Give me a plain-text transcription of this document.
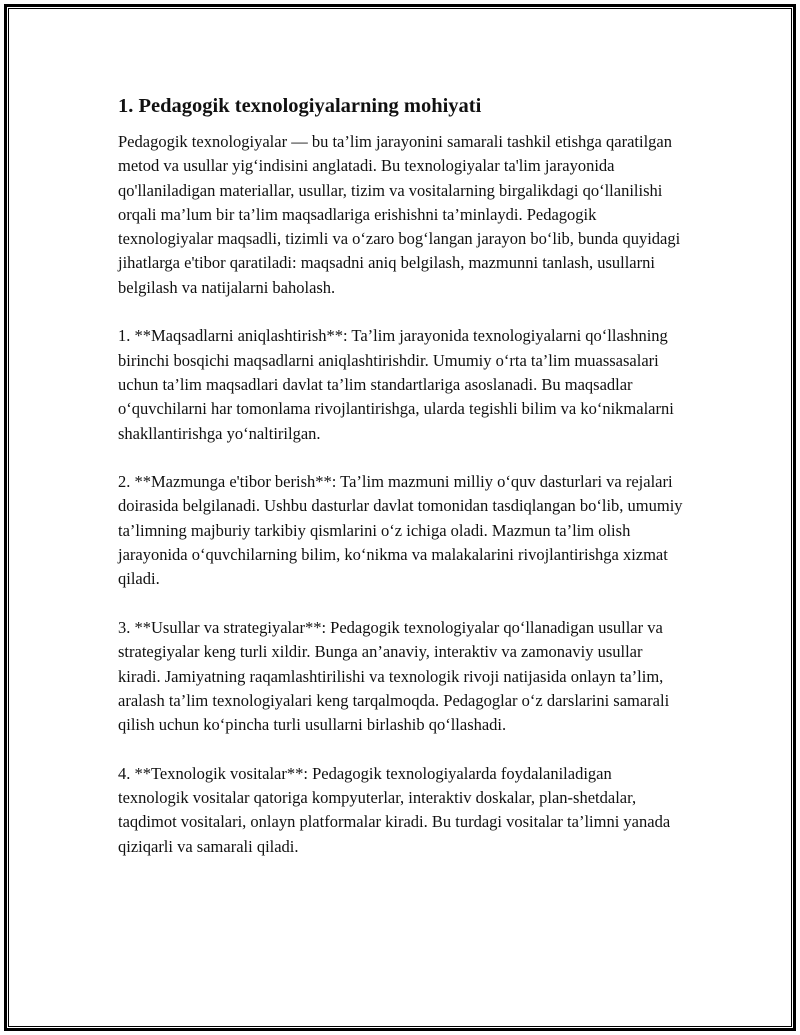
1. Pedagogik texnologiyalarning mohiyati

Pedagogik texnologiyalar — bu ta’lim jarayonini samarali tashkil etishga qaratilgan metod va usullar yig‘indisini anglatadi. Bu texnologiyalar ta'lim jarayonida qo'llaniladigan materiallar, usullar, tizim va vositalarning birgalikdagi qo‘llanilishi orqali ma’lum bir ta’lim maqsadlariga erishishni ta’minlaydi. Pedagogik texnologiyalar maqsadli, tizimli va o‘zaro bog‘langan jarayon bo‘lib, bunda quyidagi jihatlarga e'tibor qaratiladi: maqsadni aniq belgilash, mazmunni tanlash, usullarni belgilash va natijalarni baholash.

1. **Maqsadlarni aniqlashtirish**: Ta’lim jarayonida texnologiyalarni qo‘llashning birinchi bosqichi maqsadlarni aniqlashtirishdir. Umumiy o‘rta ta’lim muassasalari uchun ta’lim maqsadlari davlat ta’lim standartlariga asoslanadi. Bu maqsadlar o‘quvchilarni har tomonlama rivojlantirishga, ularda tegishli bilim va ko‘nikmalarni shakllantirishga yo‘naltirilgan.

2. **Mazmunga e'tibor berish**: Ta’lim mazmuni milliy o‘quv dasturlari va rejalari doirasida belgilanadi. Ushbu dasturlar davlat tomonidan tasdiqlangan bo‘lib, umumiy ta’limning majburiy tarkibiy qismlarini o‘z ichiga oladi. Mazmun ta’lim olish jarayonida o‘quvchilarning bilim, ko‘nikma va malakalarini rivojlantirishga xizmat qiladi.

3. **Usullar va strategiyalar**: Pedagogik texnologiyalar qo‘llanadigan usullar va strategiyalar keng turli xildir. Bunga an’anaviy, interaktiv va zamonaviy usullar kiradi. Jamiyatning raqamlashtirilishi va texnologik rivoji natijasida onlayn ta’lim, aralash ta’lim texnologiyalari keng tarqalmoqda. Pedagoglar o‘z darslarini samarali qilish uchun ko‘pincha turli usullarni birlashib qo‘llashadi.

4. **Texnologik vositalar**: Pedagogik texnologiyalarda foydalaniladigan texnologik vositalar qatoriga kompyuterlar, interaktiv doskalar, plan-shetdalar, taqdimot vositalari, onlayn platformalar kiradi. Bu turdagi vositalar ta’limni yanada qiziqarli va samarali qiladi.
